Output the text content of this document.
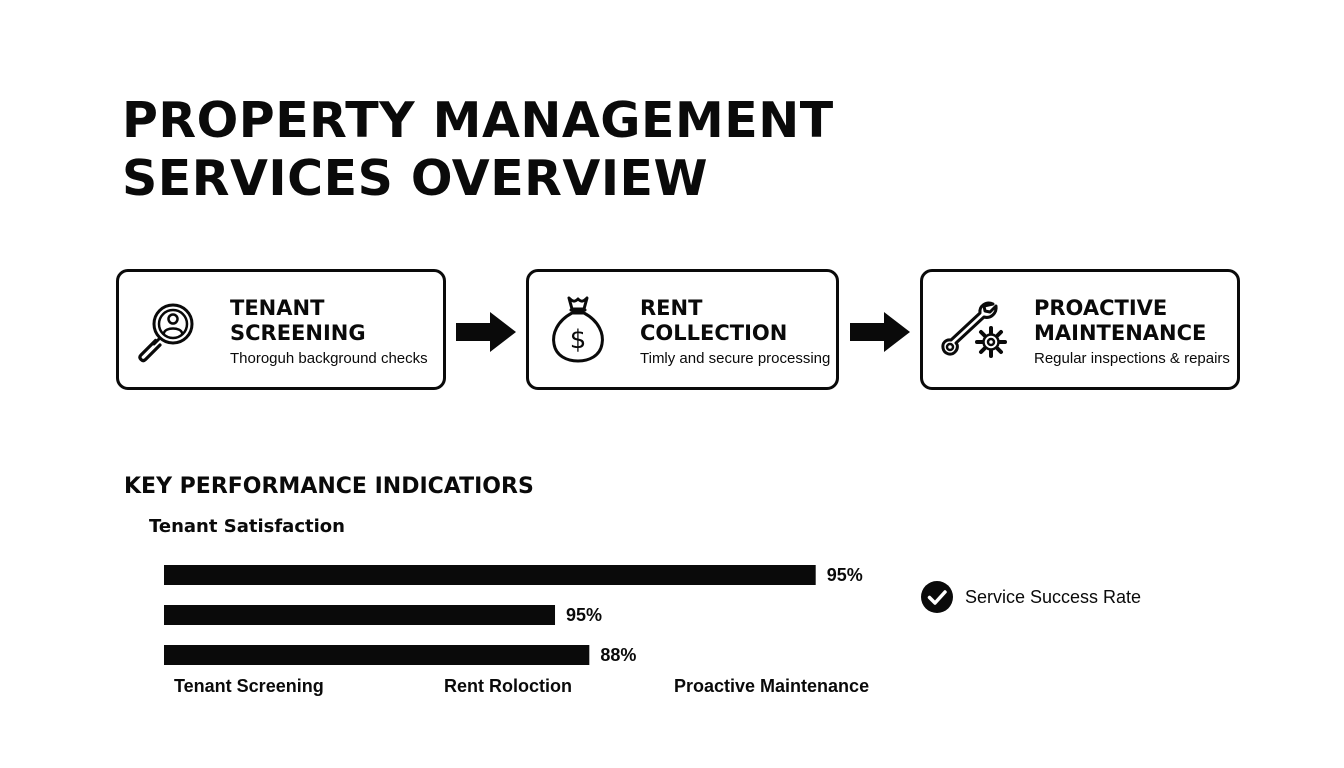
PROPERTY MANAGEMENT
SERVICES OVERVIEW
TENANT
SCREENING
Thoroguh background checks
$
RENT
COLLECTION
Timly and secure processing
PROACTIVE
MAINTENANCE
Regular inspections & repairs
KEY PERFORMANCE INDICATIORS
Tenant Satisfaction
95%
95%
88%
Tenant Screening	Rent Roloction	Proactive Maintenance
Service Success Rate
